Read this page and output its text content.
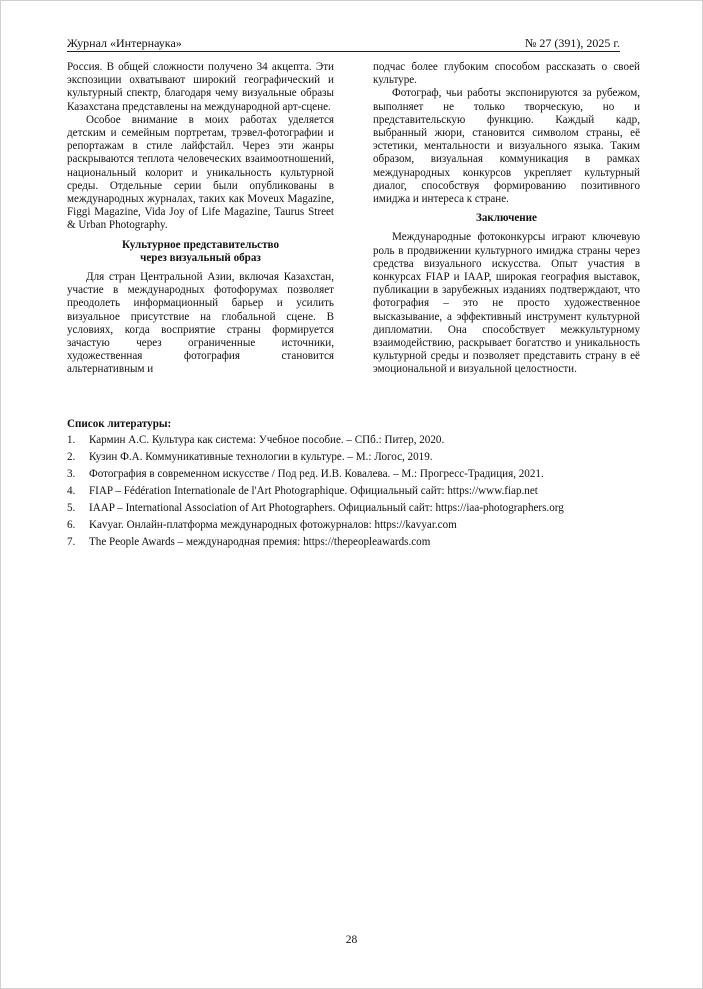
Журнал «Интернаука»	№ 27 (391), 2025 г.

Россия. В общей сложности получено 34 акцепта. Эти экспозиции охватывают широкий географический и культурный спектр, благодаря чему визуальные образы Казахстана представлены на международной арт-сцене.

Особое внимание в моих работах уделяется детским и семейным портретам, трэвел-фотографии и репортажам в стиле лайфстайл. Через эти жанры раскрываются теплота человеческих взаимоотношений, национальный колорит и уникальность культурной среды. Отдельные серии были опубликованы в международных журналах, таких как Moveux Magazine, Figgi Magazine, Vida Joy of Life Magazine, Taurus Street & Urban Photography.

Культурное представительство
через визуальный образ

Для стран Центральной Азии, включая Казахстан, участие в международных фотофорумах позволяет преодолеть информационный барьер и усилить визуальное присутствие на глобальной сцене. В условиях, когда восприятие страны формируется зачастую через ограниченные источники, художественная фотография становится альтернативным и

подчас более глубоким способом рассказать о своей культуре.

Фотограф, чьи работы экспонируются за рубежом, выполняет не только творческую, но и представительскую функцию. Каждый кадр, выбранный жюри, становится символом страны, её эстетики, ментальности и визуального языка. Таким образом, визуальная коммуникация в рамках международных конкурсов укрепляет культурный диалог, способствуя формированию позитивного имиджа и интереса к стране.

Заключение

Международные фотоконкурсы играют ключевую роль в продвижении культурного имиджа страны через средства визуального искусства. Опыт участия в конкурсах FIAP и IAAP, широкая география выставок, публикации в зарубежных изданиях подтверждают, что фотография – это не просто художественное высказывание, а эффективный инструмент культурной дипломатии. Она способствует межкультурному взаимодействию, раскрывает богатство и уникальность культурной среды и позволяет представить страну в её эмоциональной и визуальной целостности.

Список литературы:
1. Кармин А.С. Культура как система: Учебное пособие. – СПб.: Питер, 2020.
2. Кузин Ф.А. Коммуникативные технологии в культуре. – М.: Логос, 2019.
3. Фотография в современном искусстве / Под ред. И.В. Ковалева. – М.: Прогресс-Традиция, 2021.
4. FIAP – Fédération Internationale de l'Art Photographique. Официальный сайт: https://www.fiap.net
5. IAAP – International Association of Art Photographers. Официальный сайт: https://iaa-photographers.org
6. Kavyar. Онлайн-платформа международных фотожурналов: https://kavyar.com
7. The People Awards – международная премия: https://thepeopleawards.com
28
